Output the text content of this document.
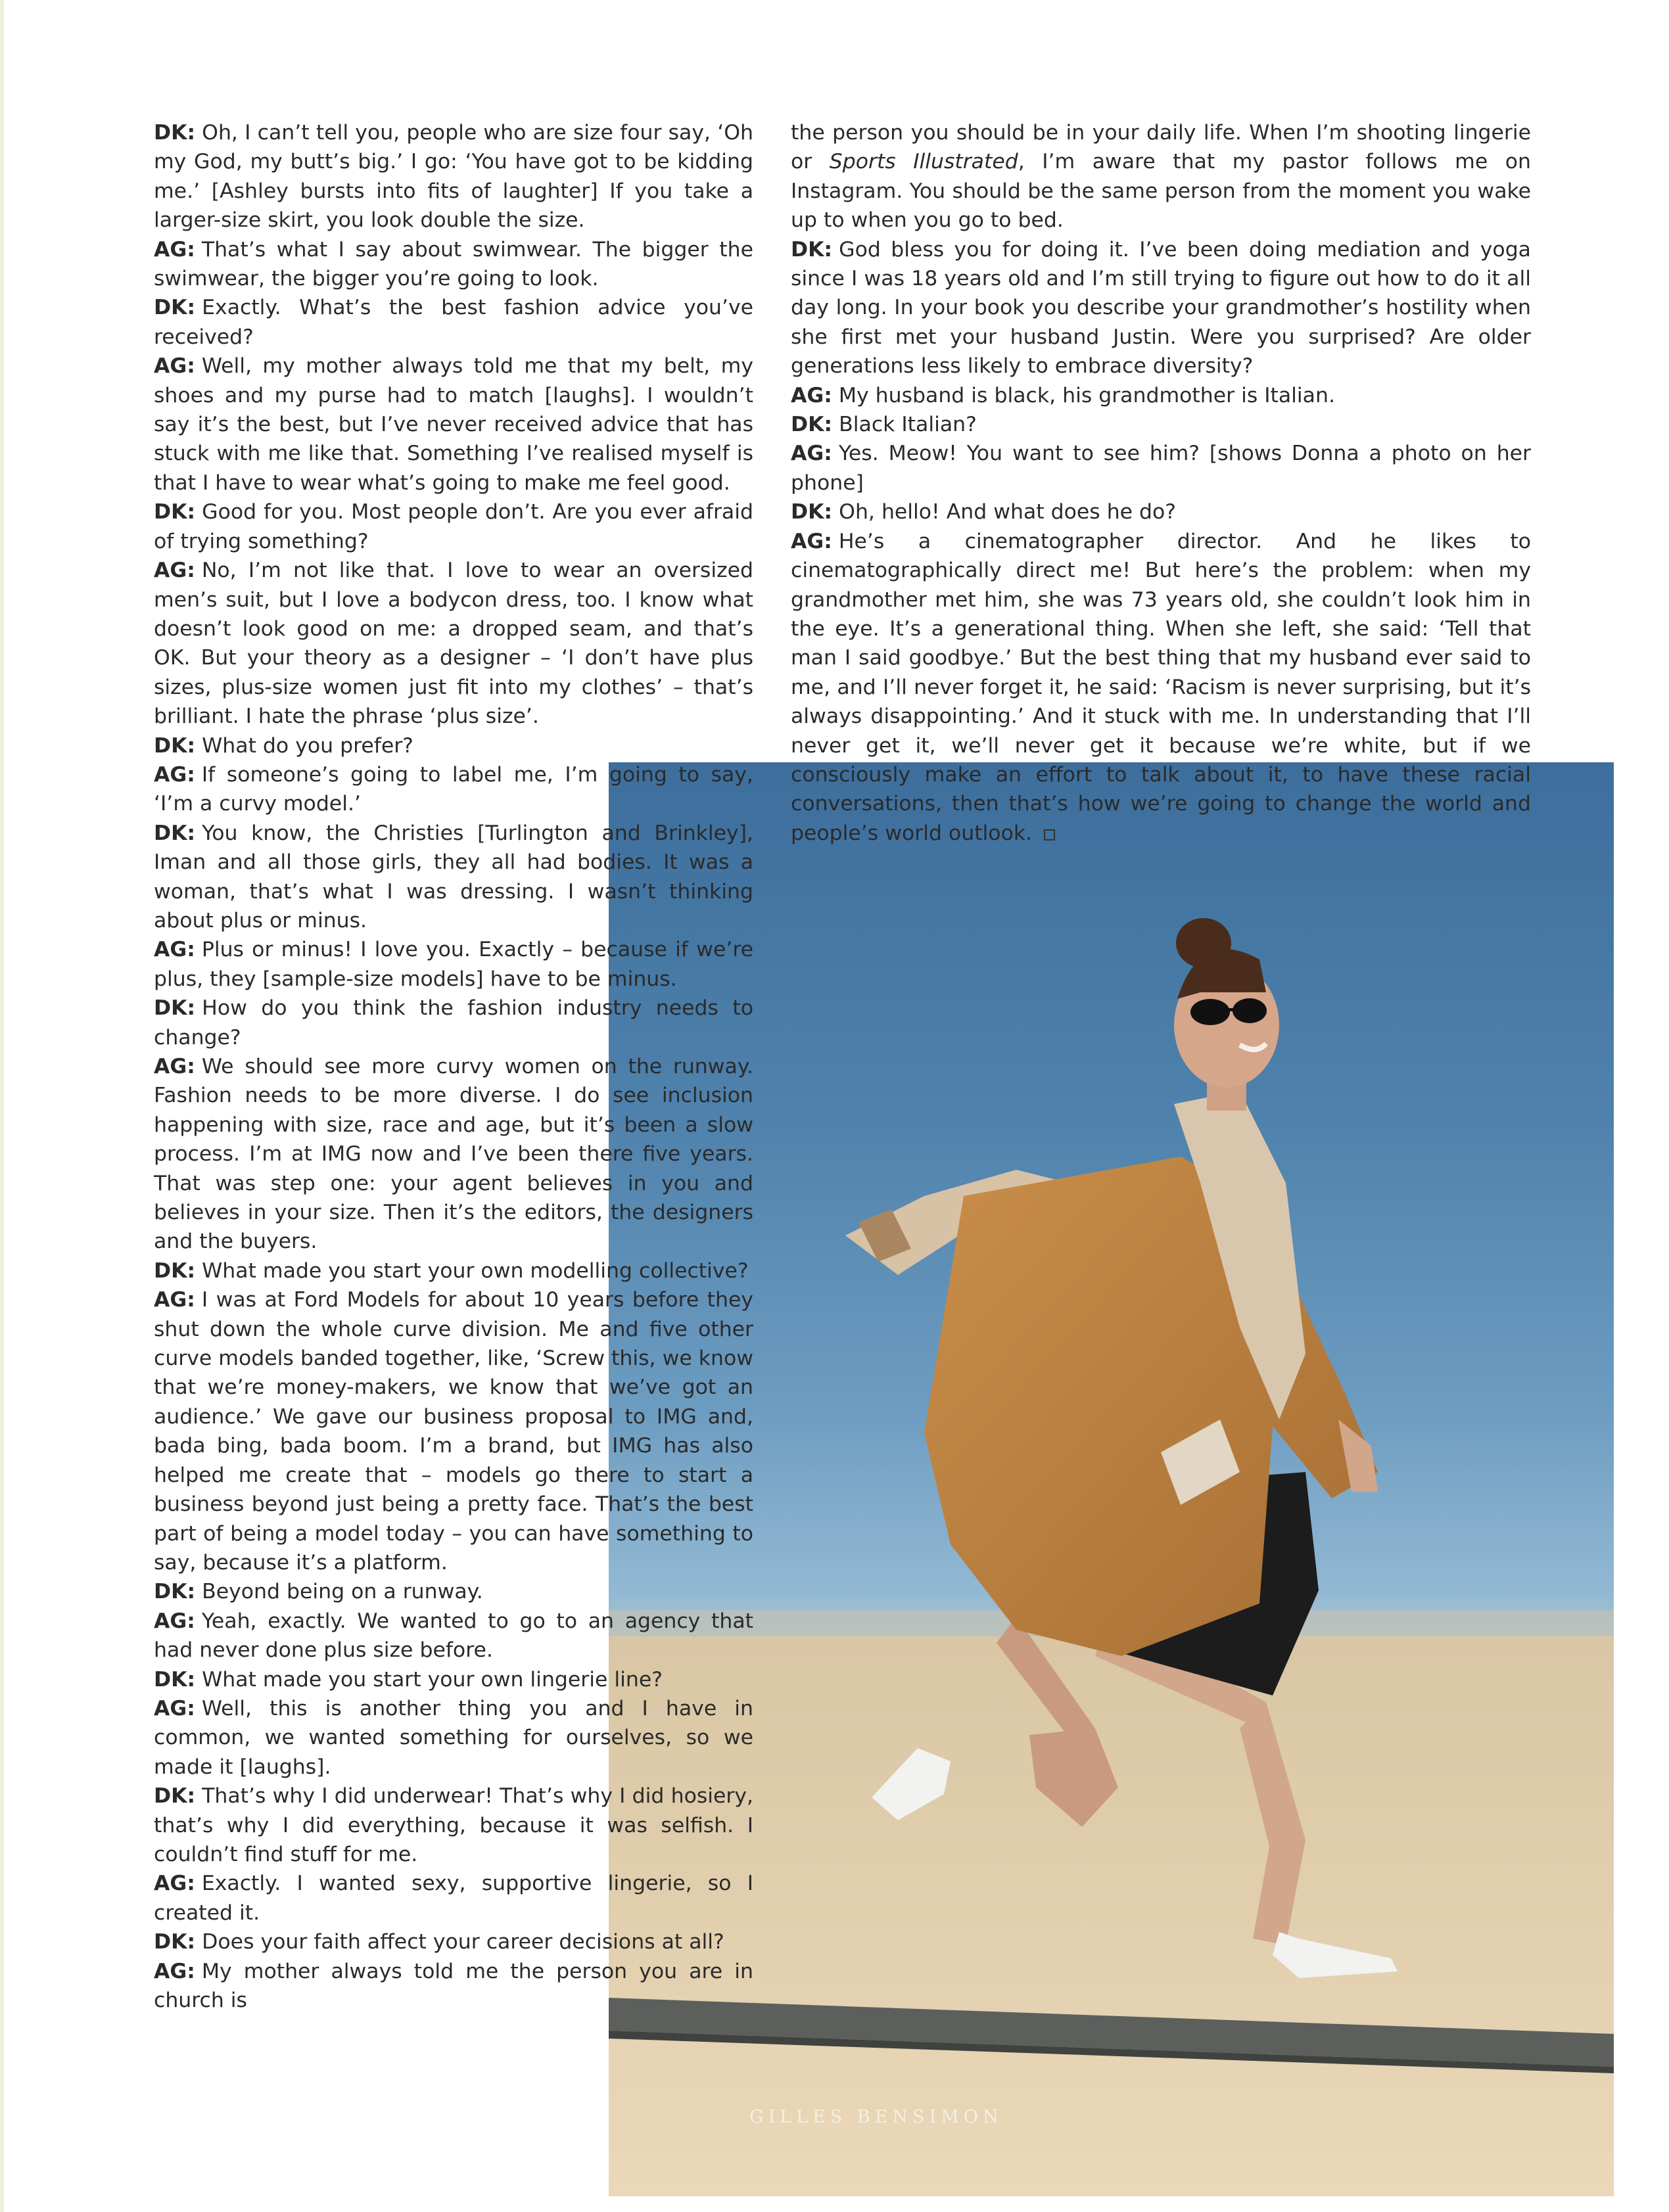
GILLES BENSIMON

DK: Oh, I can’t tell you, people who are size four say, ‘Oh my God, my butt’s big.’ I go: ‘You have got to be kidding me.’ [Ashley bursts into fits of laughter] If you take a larger-size skirt, you look double the size.

AG: That’s what I say about swimwear. The bigger the swimwear, the bigger you’re going to look.

DK: Exactly. What’s the best fashion advice you’ve received?

AG: Well, my mother always told me that my belt, my shoes and my purse had to match [laughs]. I wouldn’t say it’s the best, but I’ve never received advice that has stuck with me like that. Something I’ve realised myself is that I have to wear what’s going to make me feel good.

DK: Good for you. Most people don’t. Are you ever afraid of trying something?

AG: No, I’m not like that. I love to wear an oversized men’s suit, but I love a bodycon dress, too. I know what doesn’t look good on me: a dropped seam, and that’s OK. But your theory as a designer – ‘I don’t have plus sizes, plus-size women just fit into my clothes’ – that’s brilliant. I hate the phrase ‘plus size’.

DK: What do you prefer?

AG: If someone’s going to label me, I’m going to say, ‘I’m a curvy model.’

DK: You know, the Christies [Turlington and Brinkley], Iman and all those girls, they all had bodies. It was a woman, that’s what I was dressing. I wasn’t thinking about plus or minus.

AG: Plus or minus! I love you. Exactly – because if we’re plus, they [sample-size models] have to be minus.

DK: How do you think the fashion industry needs to change?

AG: We should see more curvy women on the runway. Fashion needs to be more diverse. I do see inclusion happening with size, race and age, but it’s been a slow process. I’m at IMG now and I’ve been there five years. That was step one: your agent believes in you and believes in your size. Then it’s the editors, the designers and the buyers.

DK: What made you start your own modelling collective?

AG: I was at Ford Models for about 10 years before they shut down the whole curve division. Me and five other curve models banded together, like, ‘Screw this, we know that we’re money-makers, we know that we’ve got an audience.’ We gave our business proposal to IMG and, bada bing, bada boom. I’m a brand, but IMG has also helped me create that – models go there to start a business beyond just being a pretty face. That’s the best part of being a model today – you can have something to say, because it’s a platform.

DK: Beyond being on a runway.

AG: Yeah, exactly. We wanted to go to an agency that had never done plus size before.

DK: What made you start your own lingerie line?

AG: Well, this is another thing you and I have in common, we wanted something for ourselves, so we made it [laughs].

DK: That’s why I did underwear! That’s why I did hosiery, that’s why I did everything, because it was selfish. I couldn’t find stuff for me.

AG: Exactly. I wanted sexy, supportive lingerie, so I created it.

DK: Does your faith affect your career decisions at all?

AG: My mother always told me the person you are in church is

the person you should be in your daily life. When I’m shooting lingerie or Sports Illustrated, I’m aware that my pastor follows me on Instagram. You should be the same person from the moment you wake up to when you go to bed.

DK: God bless you for doing it. I’ve been doing mediation and yoga since I was 18 years old and I’m still trying to figure out how to do it all day long. In your book you describe your grandmother’s hostility when she first met your husband Justin. Were you surprised? Are older generations less likely to embrace diversity?

AG: My husband is black, his grandmother is Italian.

DK: Black Italian?

AG: Yes. Meow! You want to see him? [shows Donna a photo on her phone]

DK: Oh, hello! And what does he do?

AG: He’s a cinematographer director. And he likes to cinematographically direct me! But here’s the problem: when my grandmother met him, she was 73 years old, she couldn’t look him in the eye. It’s a generational thing. When she left, she said: ‘Tell that man I said goodbye.’ But the best thing that my husband ever said to me, and I’ll never forget it, he said: ‘Racism is never surprising, but it’s always disappointing.’ And it stuck with me. In understanding that I’ll never get it, we’ll never get it because we’re white, but if we consciously make an effort to talk about it, to have these racial conversations, then that’s how we’re going to change the world and people’s world outlook.
